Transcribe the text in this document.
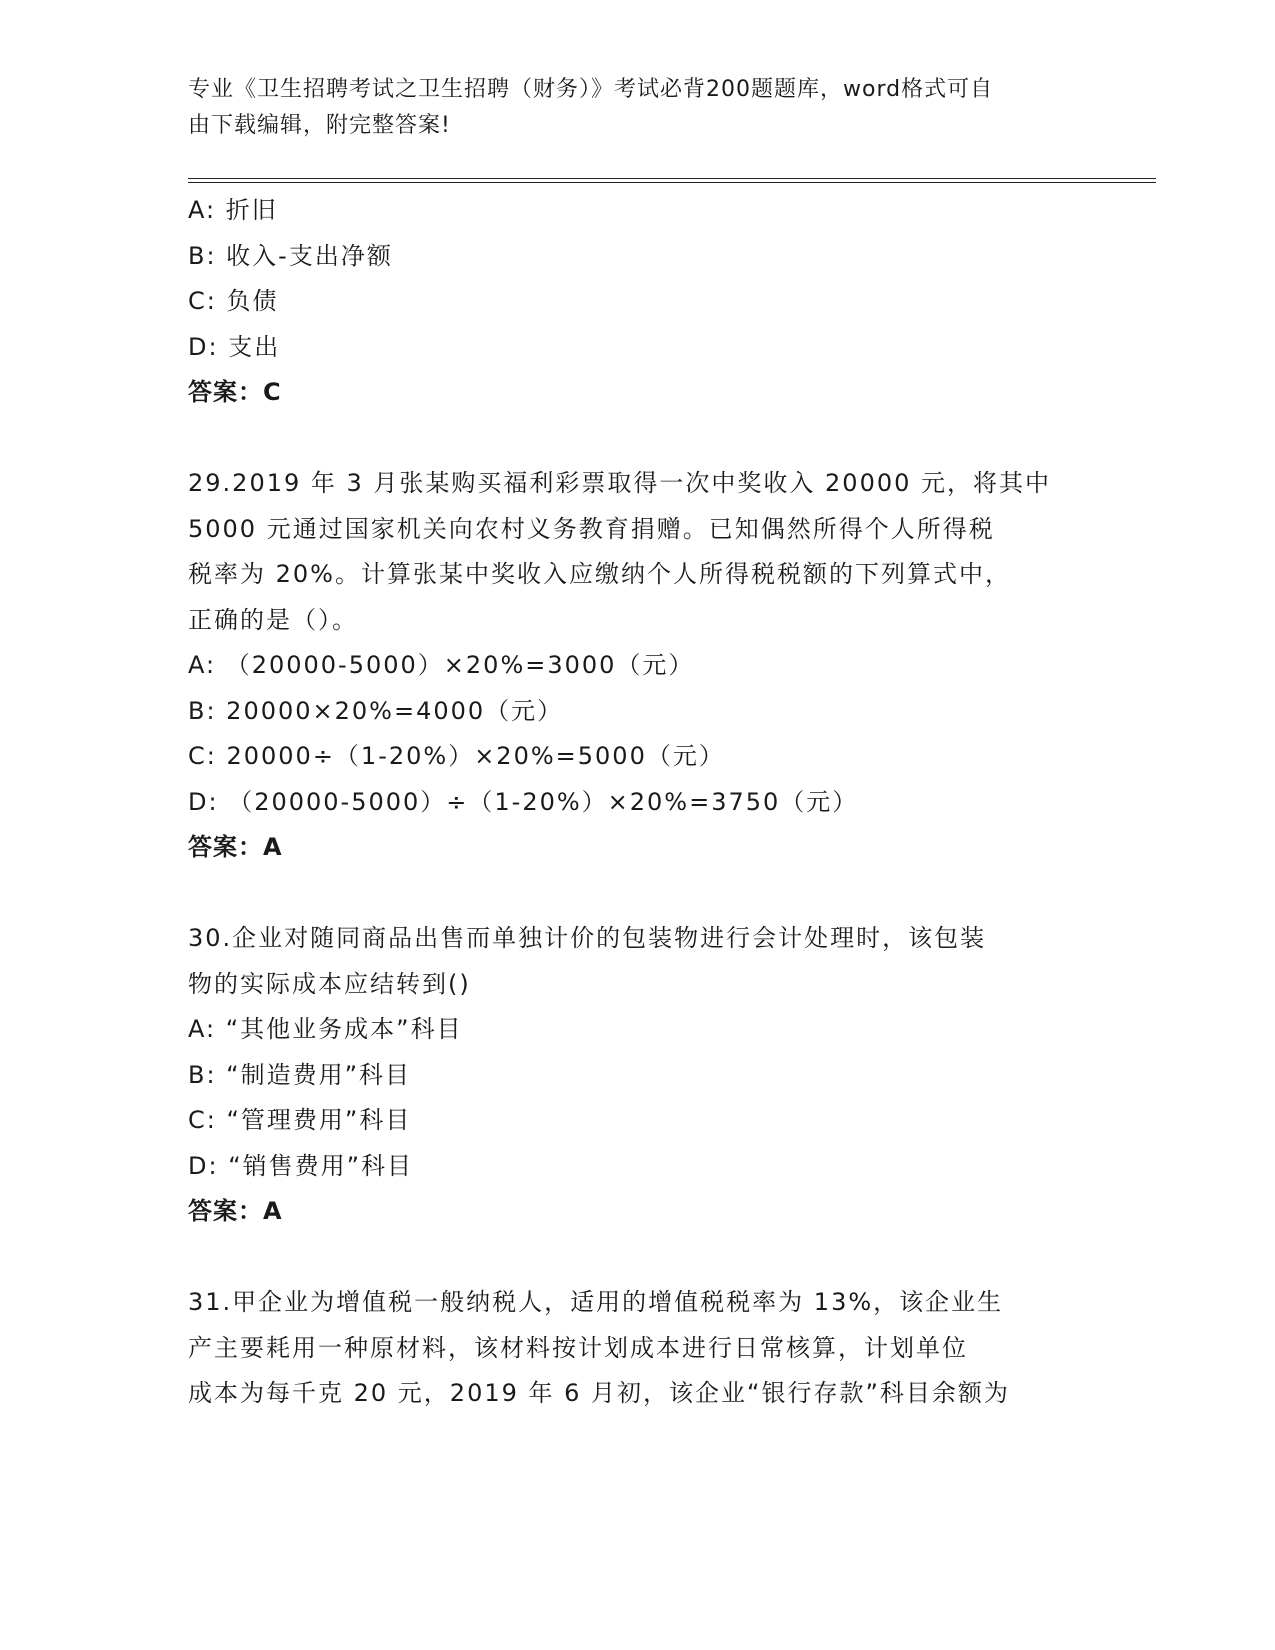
专业《卫生招聘考试之卫生招聘（财务）》考试必背200题题库，word格式可自
由下载编辑，附完整答案!
A: 折旧
B: 收入-支出净额
C: 负债
D: 支出
答案：C
29.2019 年 3 月张某购买福利彩票取得一次中奖收入 20000 元，将其中
5000 元通过国家机关向农村义务教育捐赠。已知偶然所得个人所得税
税率为 20%。计算张某中奖收入应缴纳个人所得税税额的下列算式中，
正确的是（）。
A: （20000-5000）×20%=3000（元）
B: 20000×20%=4000（元）
C: 20000÷（1-20%）×20%=5000（元）
D: （20000-5000）÷（1-20%）×20%=3750（元）
答案：A
30.企业对随同商品出售而单独计价的包装物进行会计处理时，该包装
物的实际成本应结转到()
A: “其他业务成本”科目
B: “制造费用”科目
C: “管理费用”科目
D: “销售费用”科目
答案：A
31.甲企业为增值税一般纳税人，适用的增值税税率为 13%，该企业生
产主要耗用一种原材料，该材料按计划成本进行日常核算，计划单位
成本为每千克 20 元，2019 年 6 月初，该企业“银行存款”科目余额为
